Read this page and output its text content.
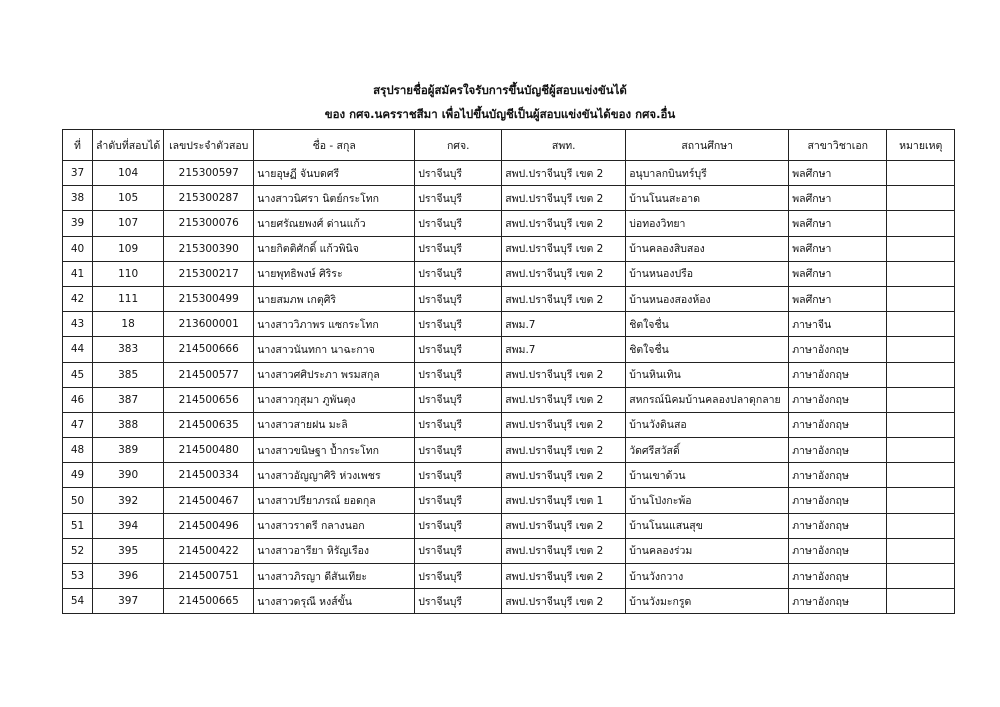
สรุปรายชื่อผู้สมัครใจรับการขึ้นบัญชีผู้สอบแข่งขันได้
ของ กศจ.นครราชสีมา เพื่อไปขึ้นบัญชีเป็นผู้สอบแข่งขันได้ของ กศจ.อื่น
ที่	ลำดับที่สอบได้	เลขประจำตัวสอบ	ชื่อ - สกุล	กศจ.	สพท.	สถานศึกษา	สาขาวิชาเอก	หมายเหตุ
37	104	215300597	นายอุษฏี จันบดศรี	ปราจีนบุรี	สพป.ปราจีนบุรี เขต 2	อนุบาลกบินทร์บุรี	พลศึกษา	
38	105	215300287	นางสาวนิศรา นิตย์กระโทก	ปราจีนบุรี	สพป.ปราจีนบุรี เขต 2	บ้านโนนสะอาด	พลศึกษา	
39	107	215300076	นายศรัณยพงศ์ ด่านแก้ว	ปราจีนบุรี	สพป.ปราจีนบุรี เขต 2	บ่อทองวิทยา	พลศึกษา	
40	109	215300390	นายกิตติศักดิ์ แก้วพินิจ	ปราจีนบุรี	สพป.ปราจีนบุรี เขต 2	บ้านคลองสิบสอง	พลศึกษา	
41	110	215300217	นายพุทธิพงษ์ ศิริระ	ปราจีนบุรี	สพป.ปราจีนบุรี เขต 2	บ้านหนองปรือ	พลศึกษา	
42	111	215300499	นายสมภพ เกตุศิริ	ปราจีนบุรี	สพป.ปราจีนบุรี เขต 2	บ้านหนองสองห้อง	พลศึกษา	
43	18	213600001	นางสาววิภาพร แซกระโทก	ปราจีนบุรี	สพม.7	ชิตใจชื่น	ภาษาจีน	
44	383	214500666	นางสาวนันทกา นาฉะกาจ	ปราจีนบุรี	สพม.7	ชิตใจชื่น	ภาษาอังกฤษ	
45	385	214500577	นางสาวศศิประภา พรมสกุล	ปราจีนบุรี	สพป.ปราจีนบุรี เขต 2	บ้านหินเทิน	ภาษาอังกฤษ	
46	387	214500656	นางสาวกุสุมา ภูพันตุง	ปราจีนบุรี	สพป.ปราจีนบุรี เขต 2	สหกรณ์นิคมบ้านคลองปลาดุกลาย	ภาษาอังกฤษ	
47	388	214500635	นางสาวสายฝน มะลิ	ปราจีนบุรี	สพป.ปราจีนบุรี เขต 2	บ้านวังดินสอ	ภาษาอังกฤษ	
48	389	214500480	นางสาวขนิษฐา ป้ำกระโทก	ปราจีนบุรี	สพป.ปราจีนบุรี เขต 2	วัดศรีสวัสดิ์	ภาษาอังกฤษ	
49	390	214500334	นางสาวอัญญาศิริ ห่วงเพชร	ปราจีนบุรี	สพป.ปราจีนบุรี เขต 2	บ้านเขาด้วน	ภาษาอังกฤษ	
50	392	214500467	นางสาวปรียาภรณ์ ยอดกุล	ปราจีนบุรี	สพป.ปราจีนบุรี เขต 1	บ้านโป่งกะพ้อ	ภาษาอังกฤษ	
51	394	214500496	นางสาวราตรี กลางนอก	ปราจีนบุรี	สพป.ปราจีนบุรี เขต 2	บ้านโนนแสนสุข	ภาษาอังกฤษ	
52	395	214500422	นางสาวอารียา หิรัญเรือง	ปราจีนบุรี	สพป.ปราจีนบุรี เขต 2	บ้านคลองร่วม	ภาษาอังกฤษ	
53	396	214500751	นางสาวภิรญา ดีสันเทียะ	ปราจีนบุรี	สพป.ปราจีนบุรี เขต 2	บ้านวังกวาง	ภาษาอังกฤษ	
54	397	214500665	นางสาวดรุณี หงส์ขั้น	ปราจีนบุรี	สพป.ปราจีนบุรี เขต 2	บ้านวังมะกรูด	ภาษาอังกฤษ	
